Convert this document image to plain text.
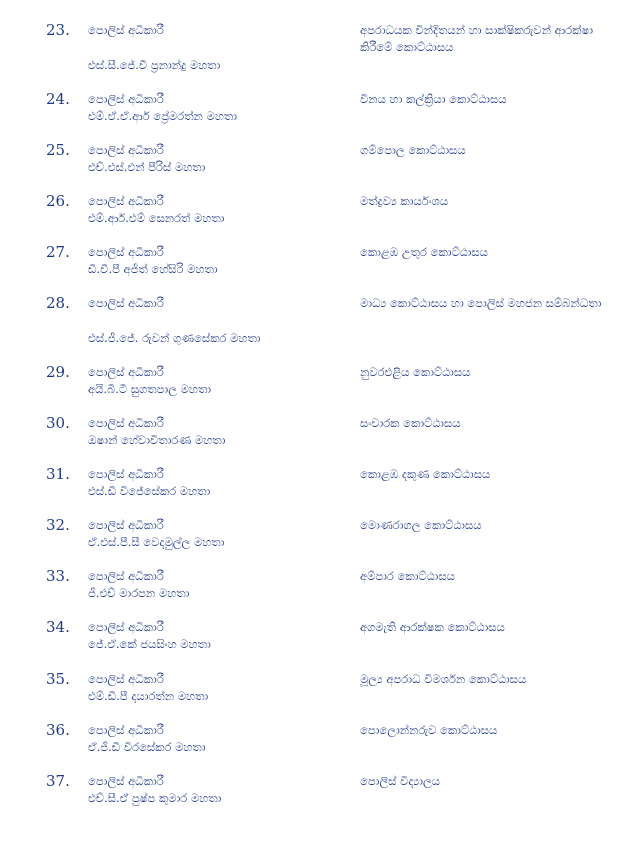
23. පොලිස් අධිකාරී
එස්.සී.ජේ.වී ප්‍රනාන්දු මහතා
අපරාධයක වින්දිතයන් හා සාක්ෂිකරුවන් ආරක්ෂා කිරීමේ කොට්ඨාසය
24. පොලිස් අධිකාරී
එම්.ඒ.ඒ.ආර් ප්‍රේමරත්න මහතා
විනය හා කල්ක්‍රියා කොට්ඨාසය
25. පොලිස් අධිකාරී
එච්.එස්.එන් පීරිස් මහතා
ගම්පොල කොට්ඨාසය
26. පොලිස් අධිකාරී
එම්.ආර්.එම් සෙනරත් මහතා
මත්ද්‍රව්‍ය කාර්යංශය
27. පොලිස් අධිකාරී
ඩී.වී.පී අජිත් හේසිරි මහතා
කොළඹ උතුර කොට්ඨාසය
28. පොලිස් අධිකාරී
එස්.ජී.ජේ. රුවන් ගුණසේකර මහතා
මාධ්‍ය කොට්ඨාසය හා පොලිස් මහජන සම්බන්ධතා
29. පොලිස් අධිකාරී
අයි.බී.ටී සුගතපාල මහතා
නුවරඑළිය කොට්ඨාසය
30. පොලිස් අධිකාරී
ඔෂාන් හේවාවිතාරණ මහතා
සංචාරක කොට්ඨාසය
31. පොලිස් අධිකාරී
එස්.ඩී විජේසේකර මහතා
කොළඹ දකුණ කොට්ඨාසය
32. පොලිස් අධිකාරී
ඒ.එස්.පී.සී වෙදමුල්ල මහතා
මොණරාගල කොට්ඨාසය
33. පොලිස් අධිකාරී
ජී.එච් මාරපන මහතා
අම්පාර කොට්ඨාසය
34. පොලිස් අධිකාරී
ජේ.ඒ.කේ ජයසිංහ මහතා
අගමැති ආරක්ෂක කොට්ඨාසය
35. පොලිස් අධිකාරී
එම්.ඩී.පී දයාරත්න මහතා
මූල්‍ය අපරාධ විමර්ශන කොට්ඨාසය
36. පොලිස් අධිකාරී
ඒ.ජී.ඩී විරසේකර මහතා
පොලොන්නරුව කොට්ඨාසය
37. පොලිස් අධිකාරී
එච්.සී.ඒ පුෂ්ප කුමාර මහතා
පොලිස් විද්‍යාලය
